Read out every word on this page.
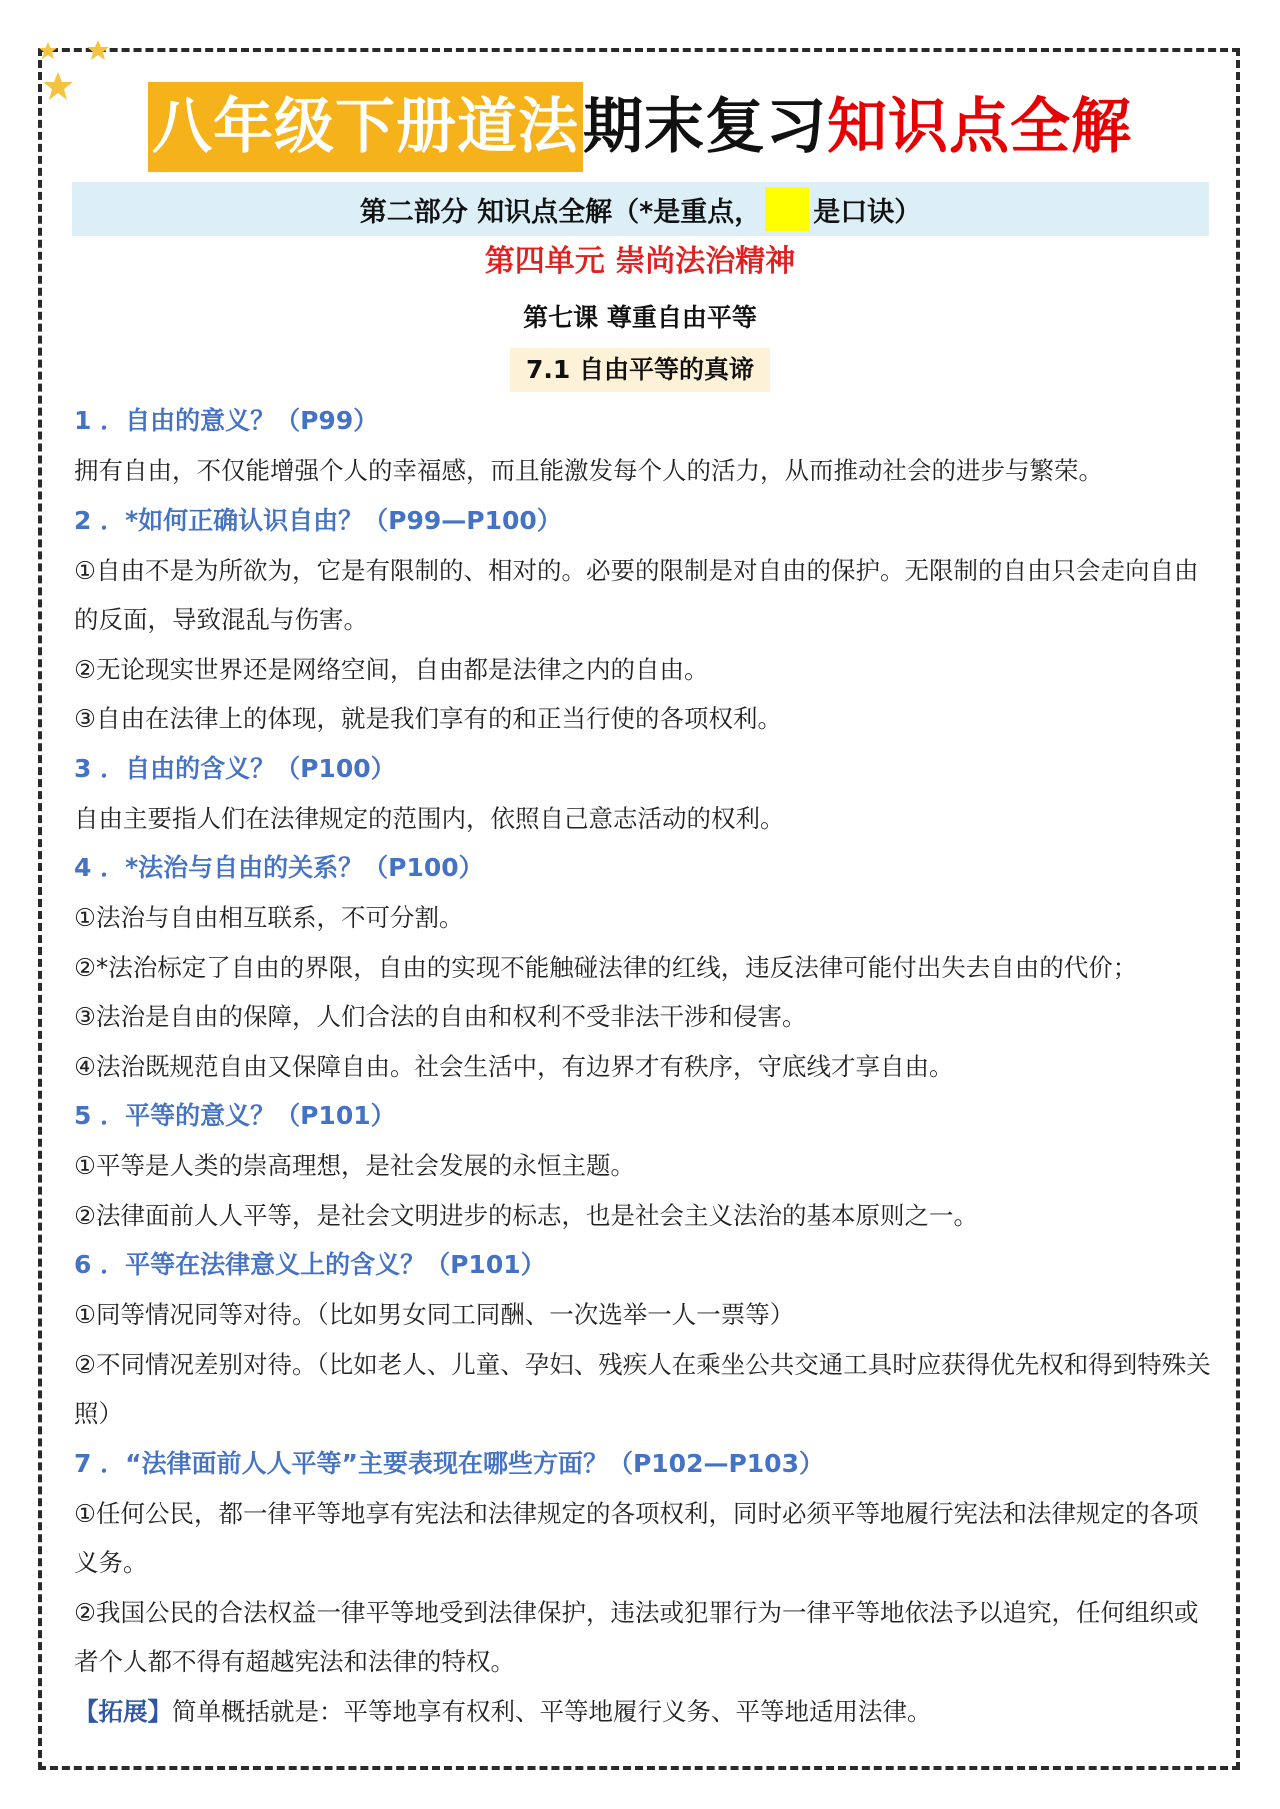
八年级下册道法 期末复习 知识点全解
第二部分 知识点全解（*是重点， 是口诀）
第四单元 崇尚法治精神
第七课 尊重自由平等
7.1 自由平等的真谛
1 ．自由的意义？（P99）
拥有自由，不仅能增强个人的幸福感，而且能激发每个人的活力，从而推动社会的进步与繁荣。
2 ．*如何正确认识自由？（P99—P100）
①自由不是为所欲为，它是有限制的、相对的。必要的限制是对自由的保护。无限制的自由只会走向自由的反面，导致混乱与伤害。
②无论现实世界还是网络空间，自由都是法律之内的自由。
③自由在法律上的体现，就是我们享有的和正当行使的各项权利。
3 ．自由的含义？（P100）
自由主要指人们在法律规定的范围内，依照自己意志活动的权利。
4 ．*法治与自由的关系？（P100）
①法治与自由相互联系，不可分割。
②*法治标定了自由的界限，自由的实现不能触碰法律的红线，违反法律可能付出失去自由的代价；
③法治是自由的保障，人们合法的自由和权利不受非法干涉和侵害。
④法治既规范自由又保障自由。社会生活中，有边界才有秩序，守底线才享自由。
5 ．平等的意义？（P101）
①平等是人类的崇高理想，是社会发展的永恒主题。
②法律面前人人平等，是社会文明进步的标志，也是社会主义法治的基本原则之一。
6 ．平等在法律意义上的含义？（P101）
①同等情况同等对待。（比如男女同工同酬、一次选举一人一票等）
②不同情况差别对待。（比如老人、儿童、孕妇、残疾人在乘坐公共交通工具时应获得优先权和得到特殊关照）
7 ．“法律面前人人平等”主要表现在哪些方面？（P102—P103）
①任何公民，都一律平等地享有宪法和法律规定的各项权利，同时必须平等地履行宪法和法律规定的各项义务。
②我国公民的合法权益一律平等地受到法律保护，违法或犯罪行为一律平等地依法予以追究，任何组织或者个人都不得有超越宪法和法律的特权。
【拓展】简单概括就是：平等地享有权利、平等地履行义务、平等地适用法律。
